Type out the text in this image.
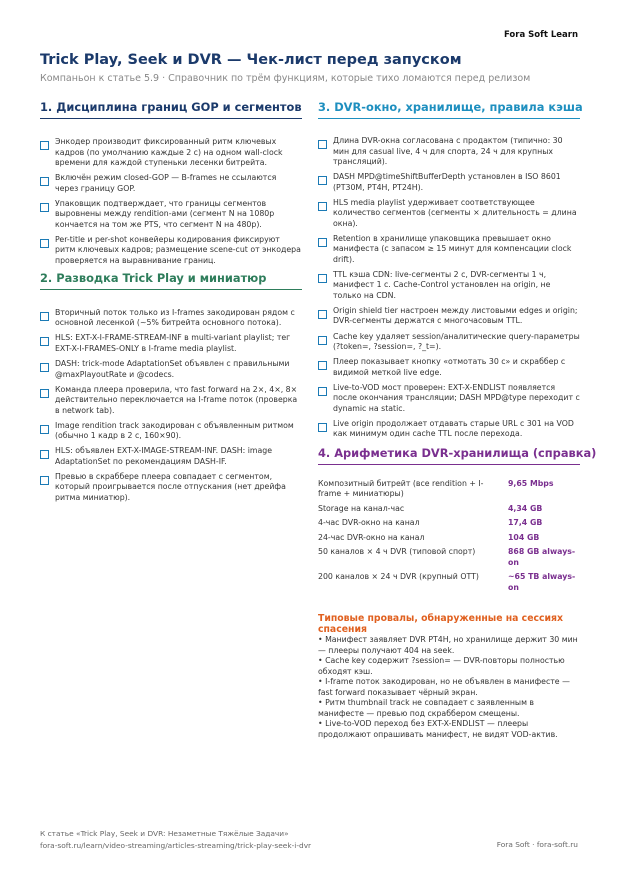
Fora Soft Learn
Trick Play, Seek и DVR — Чек-лист перед запуском
Компаньон к статье 5.9 · Справочник по трём функциям, которые тихо ломаются перед релизом
1. Дисциплина границ GOP и сегментов
Энкодер производит фиксированный ритм ключевых кадров (по умолчанию каждые 2 с) на одном wall-clock времени для каждой ступеньки лесенки битрейта.
Включён режим closed-GOP — B-frames не ссылаются через границу GOP.
Упаковщик подтверждает, что границы сегментов выровнены между rendition-ами (сегмент N на 1080p кончается на том же PTS, что сегмент N на 480p).
Per-title и per-shot конвейеры кодирования фиксируют ритм ключевых кадров; размещение scene-cut от энкодера проверяется на выравнивание границ.
2. Разводка Trick Play и миниатюр
Вторичный поток только из I-frames закодирован рядом с основной лесенкой (~5% битрейта основного потока).
HLS: EXT-X-I-FRAME-STREAM-INF в multi-variant playlist; тег EXT-X-I-FRAMES-ONLY в I-frame media playlist.
DASH: trick-mode AdaptationSet объявлен с правильными @maxPlayoutRate и @codecs.
Команда плеера проверила, что fast forward на 2×, 4×, 8× действительно переключается на I-frame поток (проверка в network tab).
Image rendition track закодирован с объявленным ритмом (обычно 1 кадр в 2 с, 160×90).
HLS: объявлен EXT-X-IMAGE-STREAM-INF. DASH: image AdaptationSet по рекомендациям DASH-IF.
Превью в скраббере плеера совпадает с сегментом, который проигрывается после отпускания (нет дрейфа ритма миниатюр).
3. DVR-окно, хранилище, правила кэша
Длина DVR-окна согласована с продактом (типично: 30 мин для casual live, 4 ч для спорта, 24 ч для крупных трансляций).
DASH MPD@timeShiftBufferDepth установлен в ISO 8601 (PT30M, PT4H, PT24H).
HLS media playlist удерживает соответствующее количество сегментов (сегменты × длительность = длина окна).
Retention в хранилище упаковщика превышает окно манифеста (с запасом ≥ 15 минут для компенсации clock drift).
TTL кэша CDN: live-сегменты 2 с, DVR-сегменты 1 ч, манифест 1 с. Cache-Control установлен на origin, не только на CDN.
Origin shield tier настроен между листовыми edges и origin; DVR-сегменты держатся с многочасовым TTL.
Cache key удаляет session/аналитические query-параметры (?token=, ?session=, ?_t=).
Плеер показывает кнопку «отмотать 30 с» и скраббер с видимой меткой live edge.
Live-to-VOD мост проверен: EXT-X-ENDLIST появляется после окончания трансляции; DASH MPD@type переходит с dynamic на static.
Live origin продолжает отдавать старые URL с 301 на VOD как минимум один cache TTL после перехода.
4. Арифметика DVR-хранилища (справка)
Композитный битрейт (все rendition + I-frame + миниатюры)	9,65 Mbps
Storage на канал-час	4,34 GB
4-час DVR-окно на канал	17,4 GB
24-час DVR-окно на канал	104 GB
50 каналов × 4 ч DVR (типовой спорт)	868 GB always-on
200 каналов × 24 ч DVR (крупный OTT)	~65 TB always-on
Типовые провалы, обнаруженные на сессиях спасения
• Манифест заявляет DVR PT4H, но хранилище держит 30 мин — плееры получают 404 на seek.
• Cache key содержит ?session= — DVR-повторы полностью обходят кэш.
• I-frame поток закодирован, но не объявлен в манифесте — fast forward показывает чёрный экран.
• Ритм thumbnail track не совпадает с заявленным в манифесте — превью под скраббером смещены.
• Live-to-VOD переход без EXT-X-ENDLIST — плееры продолжают опрашивать манифест, не видят VOD-актив.
К статье «Trick Play, Seek и DVR: Незаметные Тяжёлые Задачи»
fora-soft.ru/learn/video-streaming/articles-streaming/trick-play-seek-i-dvr	Fora Soft · fora-soft.ru
